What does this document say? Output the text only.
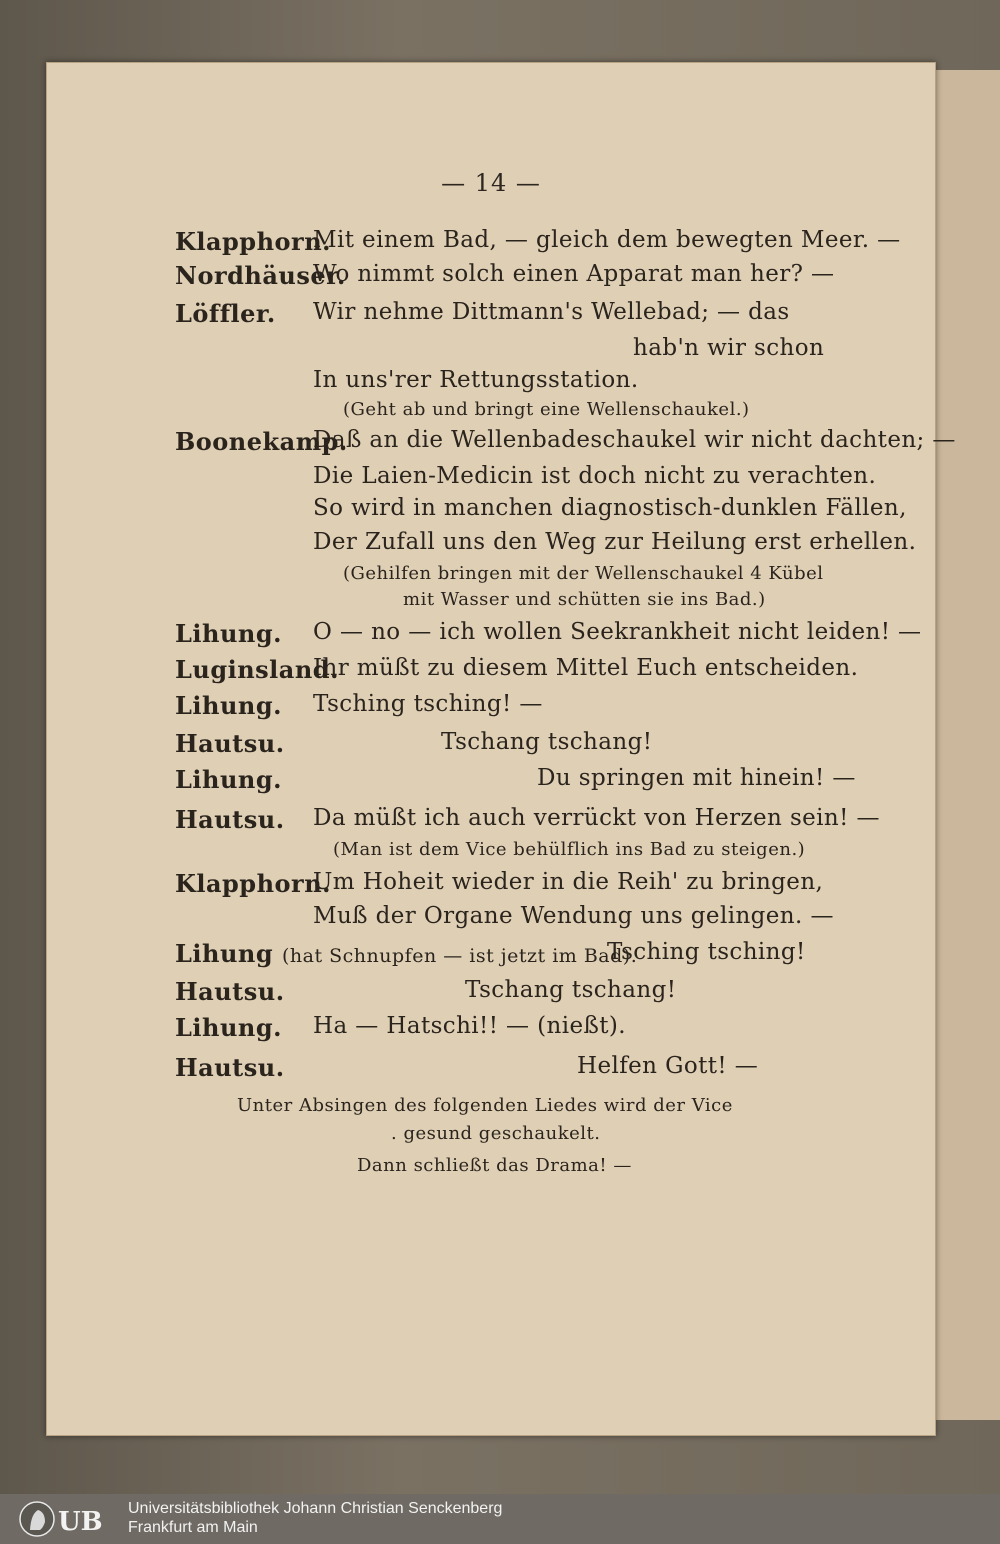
— 14 —
Klapphorn.
Mit einem Bad, — gleich dem bewegten Meer. —
Nordhäuser.
Wo nimmt solch einen Apparat man her? —
Löffler. Wir nehme Dittmann's Wellebad; — das
hab'n wir schon
In uns'rer Rettungsstation.
(Geht ab und bringt eine Wellenschaukel.)
Boonekamp.
Daß an die Wellenbadeschaukel wir nicht dachten; —
Die Laien-Medicin ist doch nicht zu verachten.
So wird in manchen diagnostisch-dunklen Fällen,
Der Zufall uns den Weg zur Heilung erst erhellen.
(Gehilfen bringen mit der Wellenschaukel 4 Kübel
mit Wasser und schütten sie ins Bad.)
Lihung. O — no — ich wollen Seekrankheit nicht leiden! —
Luginsland.
Ihr müßt zu diesem Mittel Euch entscheiden.
Lihung. Tsching tsching! —
Hautsu.	Tschang tschang!
Lihung.	Du springen mit hinein! —
Hautsu. Da müßt ich auch verrückt von Herzen sein! —
(Man ist dem Vice behülflich ins Bad zu steigen.)
Klapphorn.
Um Hoheit wieder in die Reih' zu bringen,
Muß der Organe Wendung uns gelingen. —
Lihung (hat Schnupfen — ist jetzt im Bad).
Tsching tsching!
Hautsu.	Tschang tschang!
Lihung. Ha — Hatschi!! — (nießt).
Hautsu.	Helfen Gott! —
Unter Absingen des folgenden Liedes wird der Vice
. gesund geschaukelt.
Dann schließt das Drama! —
UB Universitätsbibliothek Johann Christian Senckenberg
Frankfurt am Main
